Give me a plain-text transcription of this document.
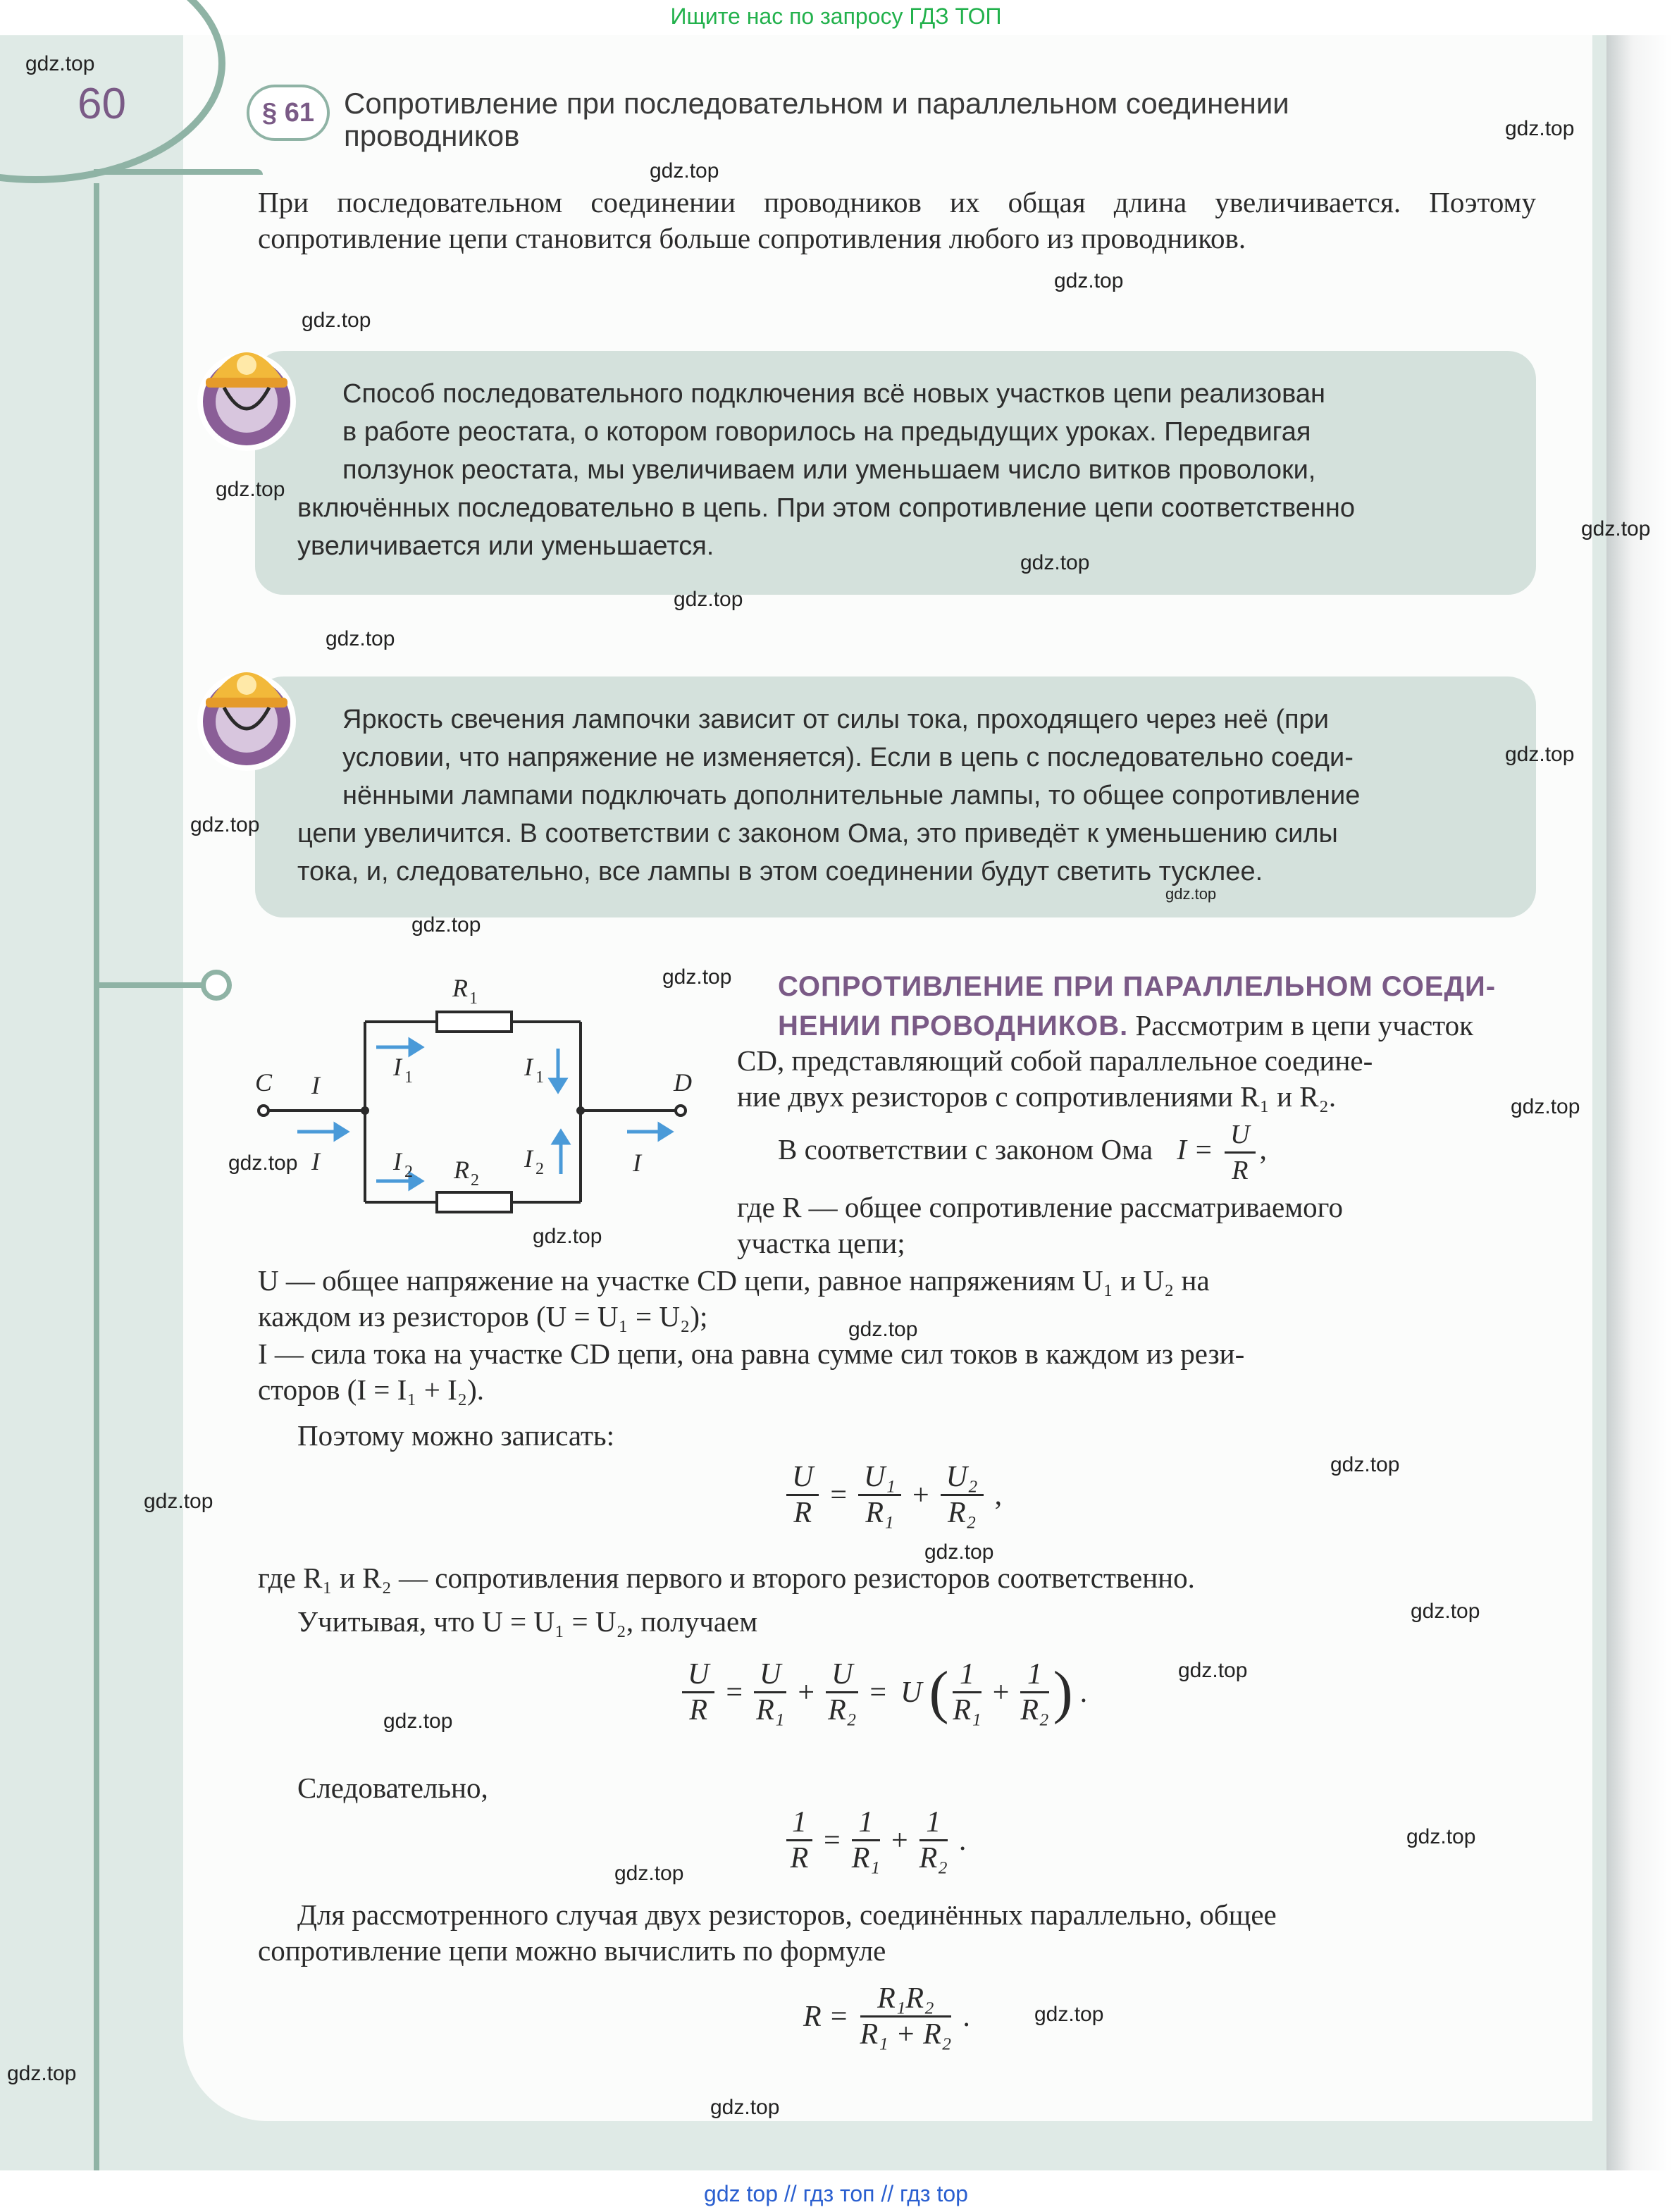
Ищите нас по запросу ГДЗ ТОП
60	§ 61	Сопротивление при последовательном и параллельном соединении
проводников
При последовательном соединении проводников их общая длина увеличивается. Поэтому сопротивление цепи становится больше сопротивления любого из проводников.
Способ последовательного подключения всё новых участков цепи реализован
в работе реостата, о котором говорилось на предыдущих уроках. Передвигая
ползунок реостата, мы увеличиваем или уменьшаем число витков проволоки,
включённых последовательно в цепь. При этом сопротивление цепи соответственно
увеличивается или уменьшается.
Яркость свечения лампочки зависит от силы тока, проходящего через неё (при
условии, что напряжение не изменяется). Если в цепь с последовательно соеди-
нёнными лампами подключать дополнительные лампы, то общее сопротивление
цепи увеличится. В соответствии с законом Ома, это приведёт к уменьшению силы
тока, и, следовательно, все лампы в этом соединении будут светить тусклее.
C	D
I
I	I
R 1
R 2
I 1	I 1
I 2	I 2
СОПРОТИВЛЕНИЕ ПРИ ПАРАЛЛЕЛЬНОМ СОЕДИ-
НЕНИИ ПРОВОДНИКОВ. Рассмотрим в цепи участок
CD, представляющий собой параллельное соедине-
ние двух резисторов с сопротивлениями R₁ и R₂.
В соответствии с законом Ома $I = \frac{U}{R}$ ,
где R — общее сопротивление рассматриваемого
участка цепи;
U — общее напряжение на участке CD цепи, равное напряжениям U₁ и U₂ на
каждом из резисторов (U = U₁ = U₂);
I — сила тока на участке CD цепи, она равна сумме сил токов в каждом из рези-
сторов (I = I₁ + I₂).
Поэтому можно записать:
$\frac{U}{R} = \frac{\text{U₁}}{\text{R₁}} + \frac{\text{U₂}}{\text{R₂}}$ ,
где R₁ и R₂ — сопротивления первого и второго резисторов соответственно.
Учитывая, что U = U₁ = U₂, получаем
$\frac{U}{R} = \frac{U}{\text{R₁}} + \frac{U}{\text{R₂}} = U$ ( $\frac{1}{\text{R₁}} + \frac{1}{\text{R₂}}$ ) .
Следовательно,
$\frac{1}{R} = \frac{1}{\text{R₁}} + \frac{1}{\text{R₂}}$ .
Для рассмотренного случая двух резисторов, соединённых параллельно, общее
сопротивление цепи можно вычислить по формуле
$R = \frac{\text{R₁R₂}}{\text{R₁ + R₂}}$ .
gdz.top
gdz.top
gdz.top
gdz.top
gdz.top
gdz.top
gdz.top
gdz.top
gdz.top
gdz.top
gdz.top
gdz.top
gdz.top
gdz.top
gdz.top
gdz.top
gdz.top
gdz.top
gdz.top
gdz.top
gdz.top
gdz.top
gdz.top
gdz.top
gdz.top
gdz.top
gdz.top
gdz.top
gdz.top
gdz.top
gdz top // гдз топ // гдз top
